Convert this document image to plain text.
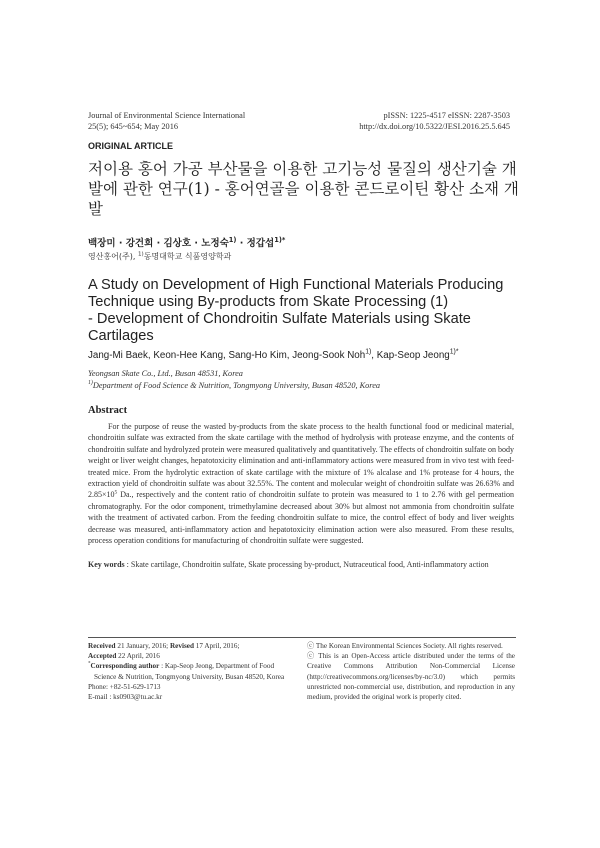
Journal of Environmental Science International
25(5); 645~654; May 2016
pISSN: 1225-4517 eISSN: 2287-3503
http://dx.doi.org/10.5322/JESI.2016.25.5.645
ORIGINAL ARTICLE
저이용 홍어 가공 부산물을 이용한 고기능성 물질의 생산기술 개발에 관한 연구(1) - 홍어연골을 이용한 콘드로이틴 황산 소재 개발
백장미 · 강건희 · 김상호 · 노정숙$^{1)}$ · 정갑섭$^{1)*}$
영산홍어(주), $^{1)}$동명대학교 식품영양학과
A Study on Development of High Functional Materials Producing
Technique using By-products from Skate Processing (1)
- Development of Chondroitin Sulfate Materials using Skate
Cartilages
Jang-Mi Baek, Keon-Hee Kang, Sang-Ho Kim, Jeong-Sook Noh$^{1)}$, Kap-Seop Jeong$^{1)*}$
Yeongsan Skate Co., Ltd., Busan 48531, Korea
$^{1)}$Department of Food Science & Nutrition, Tongmyong University, Busan 48520, Korea
Abstract
For the purpose of reuse the wasted by-products from the skate process to the health functional food or medicinal material, chondroitin sulfate was extracted from the skate cartilage with the method of hydrolysis with protease enzyme, and the contents of chondroitin sulfate and hydrolyzed protein were measured qualitatively and quantitatively. The effects of chondroitin sulfate on body weight or liver weight changes, hepatotoxicity elimination and anti-inflammatory actions were measured from in vivo test with feed-treated mice. From the hydrolytic extraction of skate cartilage with the mixture of 1% alcalase and 1% protease for 4 hours, the extraction yield of chondroitin sulfate was about 32.55%. The content and molecular weight of chondroitin sulfate was 26.63% and $2.85\times 10^5$ Da., respectively and the content ratio of chondroitin sulfate to protein was measured to 1 to 2.76 with gel permeation chromatography. For the odor component, trimethylamine decreased about 30% but almost not ammonia from chondroitin sulfate with the treatment of activated carbon. From the feeding chondroitin sulfate to mice, the control effect of body and liver weights decrease was measured, anti-inflammatory action and hepatotoxicity elimination action were also measured. From these results, process operation conditions for manufacturing of chondroitin sulfate were suggested.
Key words : Skate cartilage, Chondroitin sulfate, Skate processing by-product, Nutraceutical food, Anti-inflammatory action
Received 21 January, 2016; Revised 17 April, 2016;
Accepted 22 April, 2016
*Corresponding author : Kap-Seop Jeong, Department of Food
Science & Nutrition, Tongmyong University, Busan 48520, Korea
Phone: +82-51-629-1713
E-mail : ks0903@tu.ac.kr
ⓒ The Korean Environmental Sciences Society. All rights reserved.
ⓒ This is an Open-Access article distributed under the terms of the Creative Commons Attribution Non-Commercial License (http://creativecommons.org/licenses/by-nc/3.0) which permits unrestricted non-commercial use, distribution, and reproduction in any medium, provided the original work is properly cited.
